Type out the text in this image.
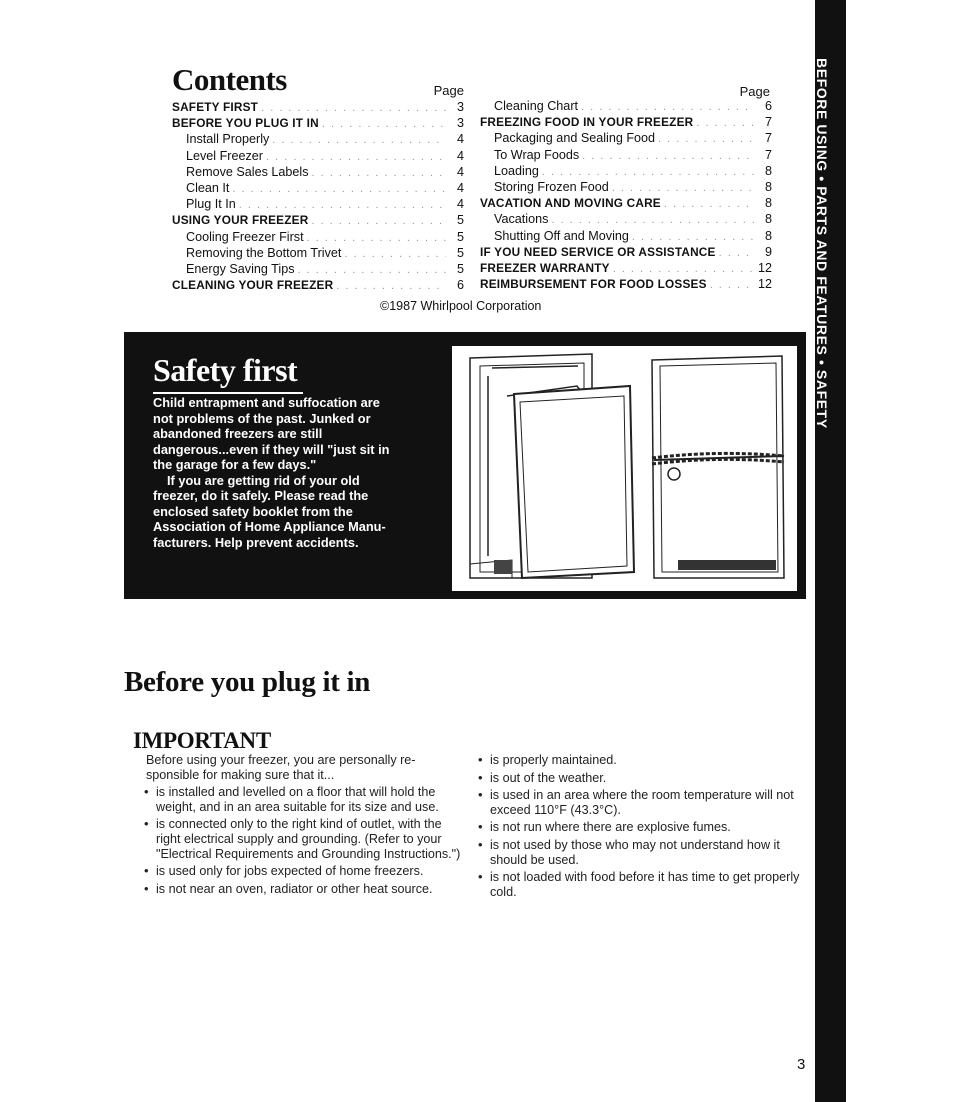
BEFORE USING • PARTS AND FEATURES • SAFETY
Contents	Page
SAFETY FIRST . . .	3
BEFORE YOU PLUG IT IN . . .	3
Install Properly . . .	4
Level Freezer . . .	4
Remove Sales Labels . . .	4
Clean It . . .	4
Plug It In . . .	4
USING YOUR FREEZER . . .	5
Cooling Freezer First . . .	5
Removing the Bottom Trivet . . .	5
Energy Saving Tips . . .	5
CLEANING YOUR FREEZER . . .	6
Page
Cleaning Chart . . .	6
FREEZING FOOD IN YOUR FREEZER . . .	7
Packaging and Sealing Food . . .	7
To Wrap Foods . . .	7
Loading . . .	8
Storing Frozen Food . . .	8
VACATION AND MOVING CARE . . .	8
Vacations . . .	8
Shutting Off and Moving . . .	8
IF YOU NEED SERVICE OR ASSISTANCE . . .	9
FREEZER WARRANTY . . .	12
REIMBURSEMENT FOR FOOD LOSSES . . .	12
©1987 Whirlpool Corporation
Safety first

Child entrapment and suffocation are not problems of the past. Junked or abandoned freezers are still dangerous...even if they will "just sit in the garage for a few days."

If you are getting rid of your old freezer, do it safely. Please read the enclosed safety booklet from the Association of Home Appliance Manu-facturers. Help prevent accidents.

Before you plug it in
IMPORTANT

Before using your freezer, you are personally re-sponsible for making sure that it...

• is installed and levelled on a floor that will hold the weight, and in an area suitable for its size and use.
• is connected only to the right kind of outlet, with the right electrical supply and grounding. (Refer to your "Electrical Requirements and Grounding Instructions.")
• is used only for jobs expected of home freezers.
• is not near an oven, radiator or other heat source.
• is properly maintained.
• is out of the weather.
• is used in an area where the room temperature will not exceed 110°F (43.3°C).
• is not run where there are explosive fumes.
• is not used by those who may not understand how it should be used.
• is not loaded with food before it has time to get properly cold.
3
